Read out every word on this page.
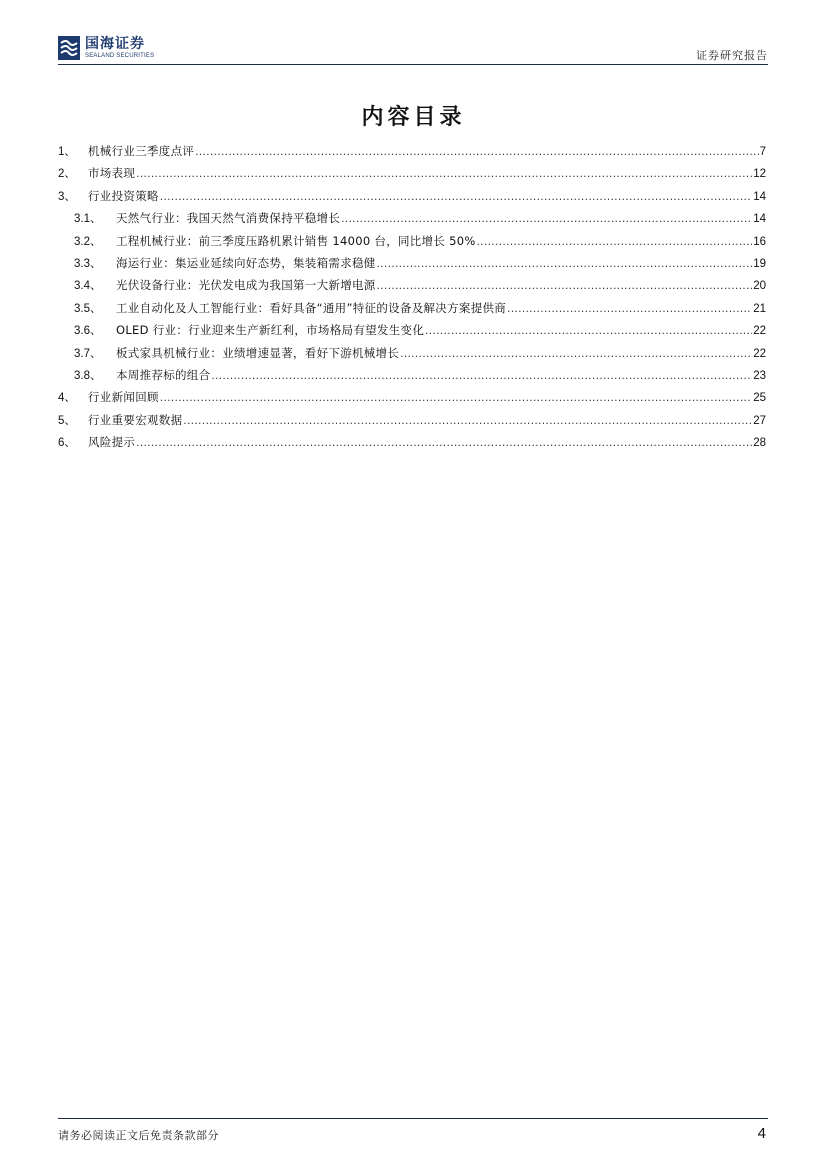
国海证券
SEALAND SECURITIES	证券研究报告
内容目录
1、	机械行业三季度点评 .....	7
2、	市场表现 .....	12
3、	行业投资策略 .....	14
3.1、	天然气行业：我国天然气消费保持平稳增长 .....	14
3.2、	工程机械行业：前三季度压路机累计销售 14000 台，同比增长 50% .....	16
3.3、	海运行业：集运业延续向好态势，集装箱需求稳健 .....	19
3.4、	光伏设备行业：光伏发电成为我国第一大新增电源 .....	20
3.5、	工业自动化及人工智能行业：看好具备“通用”特征的设备及解决方案提供商 .....	21
3.6、	OLED 行业：行业迎来生产新红利，市场格局有望发生变化 .....	22
3.7、	板式家具机械行业：业绩增速显著，看好下游机械增长 .....	22
3.8、	本周推荐标的组合 .....	23
4、	行业新闻回顾 .....	25
5、	行业重要宏观数据 .....	27
6、	风险提示 .....	28
请务必阅读正文后免责条款部分	4
